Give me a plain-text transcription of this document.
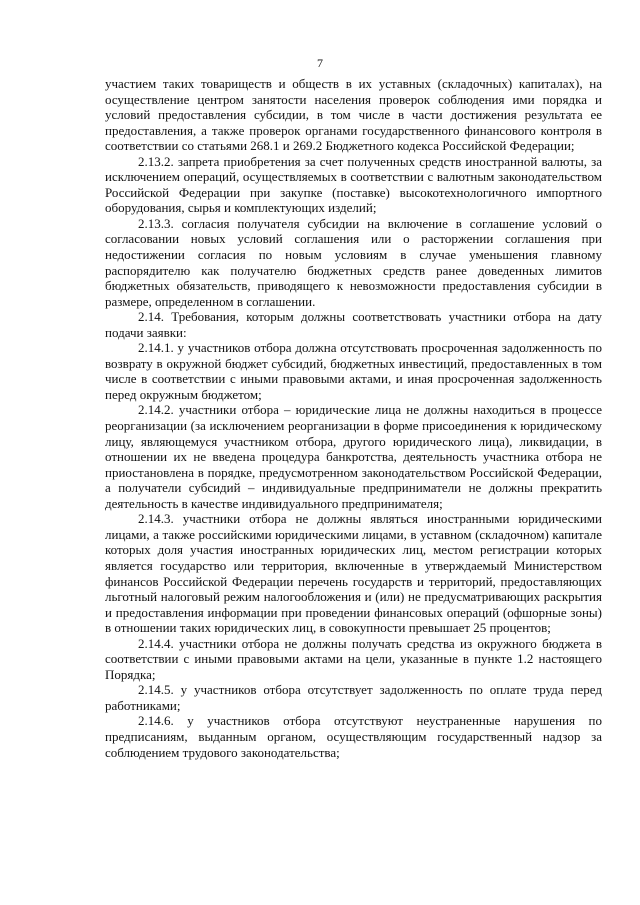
7

участием таких товариществ и обществ в их уставных (складочных) капиталах), на осуществление центром занятости населения проверок соблюдения ими порядка и условий предоставления субсидии, в том числе в части достижения результата ее предоставления, а также проверок органами государственного финансового контроля в соответствии со статьями 268.1 и 269.2 Бюджетного кодекса Российской Федерации;

2.13.2. запрета приобретения за счет полученных средств иностранной валюты, за исключением операций, осуществляемых в соответствии с валютным законодательством Российской Федерации при закупке (поставке) высокотехнологичного импортного оборудования, сырья и комплектующих изделий;

2.13.3. согласия получателя субсидии на включение в соглашение условий о согласовании новых условий соглашения или о расторжении соглашения при недостижении согласия по новым условиям в случае уменьшения главному распорядителю как получателю бюджетных средств ранее доведенных лимитов бюджетных обязательств, приводящего к невозможности предоставления субсидии в размере, определенном в соглашении.

2.14. Требования, которым должны соответствовать участники отбора на дату подачи заявки:

2.14.1. у участников отбора должна отсутствовать просроченная задолженность по возврату в окружной бюджет субсидий, бюджетных инвестиций, предоставленных в том числе в соответствии с иными правовыми актами, и иная просроченная задолженность перед окружным бюджетом;

2.14.2. участники отбора – юридические лица не должны находиться в процессе реорганизации (за исключением реорганизации в форме присоединения к юридическому лицу, являющемуся участником отбора, другого юридического лица), ликвидации, в отношении их не введена процедура банкротства, деятельность участника отбора не приостановлена в порядке, предусмотренном законодательством Российской Федерации, а получатели субсидий – индивидуальные предприниматели не должны прекратить деятельность в качестве индивидуального предпринимателя;

2.14.3. участники отбора не должны являться иностранными юридическими лицами, а также российскими юридическими лицами, в уставном (складочном) капитале которых доля участия иностранных юридических лиц, местом регистрации которых является государство или территория, включенные в утверждаемый Министерством финансов Российской Федерации перечень государств и территорий, предоставляющих льготный налоговый режим налогообложения и (или) не предусматривающих раскрытия и предоставления информации при проведении финансовых операций (офшорные зоны) в отношении таких юридических лиц, в совокупности превышает 25 процентов;

2.14.4. участники отбора не должны получать средства из окружного бюджета в соответствии с иными правовыми актами на цели, указанные в пункте 1.2 настоящего Порядка;

2.14.5. у участников отбора отсутствует задолженность по оплате труда перед работниками;

2.14.6. у участников отбора отсутствуют неустраненные нарушения по предписаниям, выданным органом, осуществляющим государственный надзор за соблюдением трудового законодательства;
